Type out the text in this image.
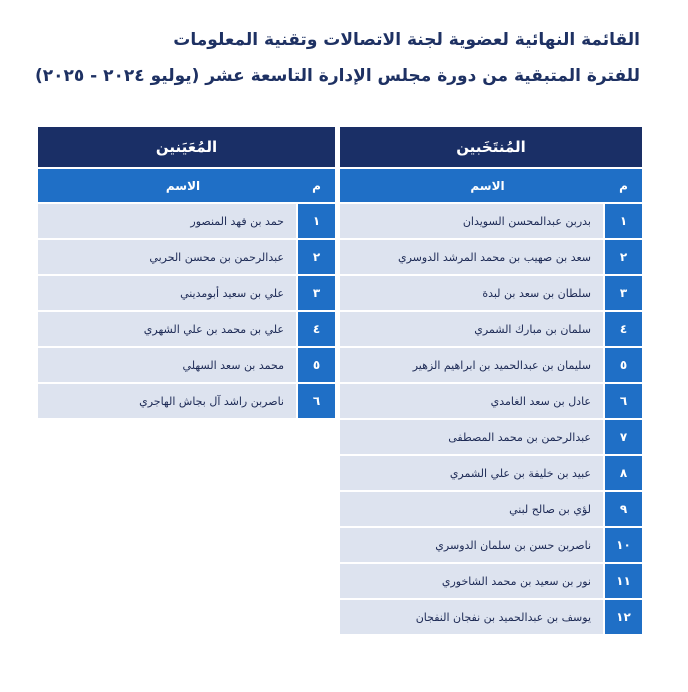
القائمة النهائية لعضوية لجنة الاتصالات وتقنية المعلومات
للفترة المتبقية من دورة مجلس الإدارة التاسعة عشر (يوليو ٢٠٢٤ - ٢٠٢٥)
المُنتَخَبين
م
الاسم
١
بدربن عبدالمحسن السويدان
٢
سعد بن صهيب بن محمد المرشد الدوسري
٣
سلطان بن سعد بن لبدة
٤
سلمان بن مبارك الشمري
٥
سليمان بن عبدالحميد بن ابراهيم الزهير
٦
عادل بن سعد الغامدي
٧
عبدالرحمن بن محمد المصطفى
٨
عبيد بن خليفة بن علي الشمري
٩
لؤي بن صالح لبني
١٠
ناصربن حسن بن سلمان الدوسري
١١
نور بن سعيد بن محمد الشاخوري
١٢
يوسف بن عبدالحميد بن نفجان النفجان
المُعَيَنين
م
الاسم
١
حمد بن فهد المنصور
٢
عبدالرحمن بن محسن الحربي
٣
علي بن سعيد أبومديني
٤
علي بن محمد بن علي الشهري
٥
محمد بن سعد السهلي
٦
ناصربن راشد آل بجاش الهاجري
